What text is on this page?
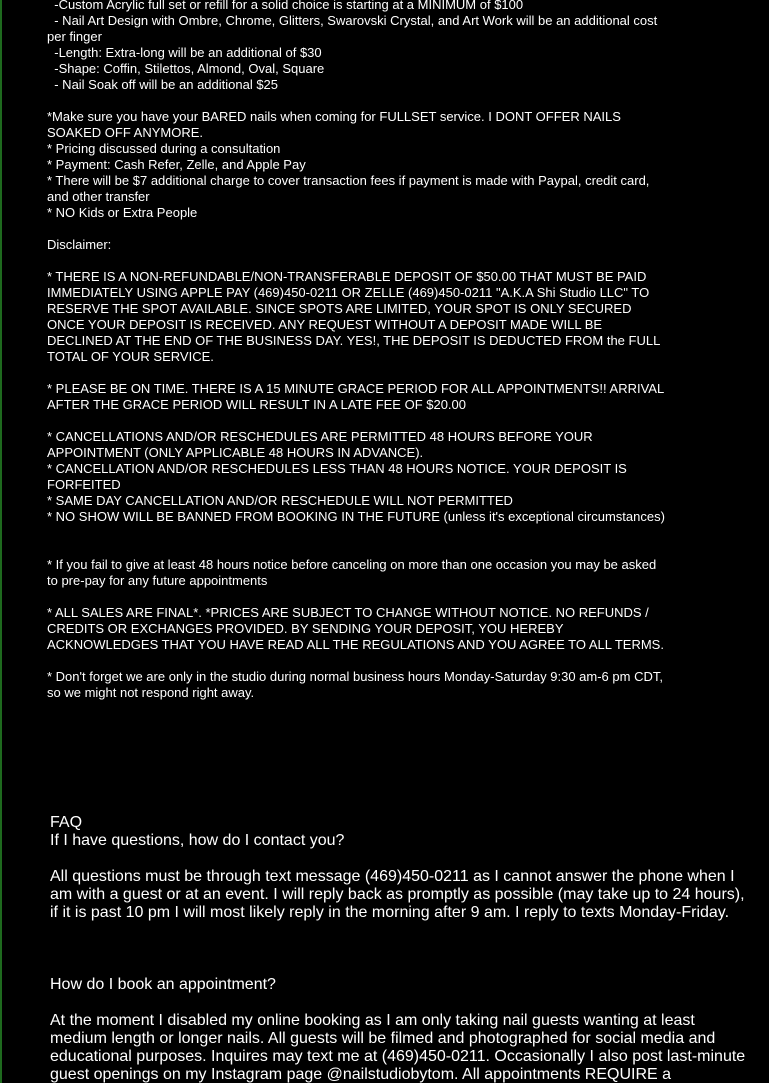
-Custom Acrylic full set or refill for a solid choice is starting at a MINIMUM of $100

- Nail Art Design with Ombre, Chrome, Glitters, Swarovski Crystal, and Art Work will be an additional cost per finger

-Length: Extra-long will be an additional of $30

-Shape: Coffin, Stilettos, Almond, Oval, Square

- Nail Soak off will be an additional $25

*Make sure you have your BARED nails when coming for FULLSET service. I DONT OFFER NAILS SOAKED OFF ANYMORE.

* Pricing discussed during a consultation

* Payment: Cash Refer, Zelle, and Apple Pay

* There will be $7 additional charge to cover transaction fees if payment is made with Paypal, credit card, and other transfer

* NO Kids or Extra People

Disclaimer:

* THERE IS A NON-REFUNDABLE/NON-TRANSFERABLE DEPOSIT OF $50.00 THAT MUST BE PAID IMMEDIATELY USING APPLE PAY (469)450-0211 OR ZELLE (469)450-0211 "A.K.A Shi Studio LLC" TO RESERVE THE SPOT AVAILABLE. SINCE SPOTS ARE LIMITED, YOUR SPOT IS ONLY SECURED ONCE YOUR DEPOSIT IS RECEIVED. ANY REQUEST WITHOUT A DEPOSIT MADE WILL BE DECLINED AT THE END OF THE BUSINESS DAY. YES!, THE DEPOSIT IS DEDUCTED FROM the FULL TOTAL OF YOUR SERVICE.

* PLEASE BE ON TIME. THERE IS A 15 MINUTE GRACE PERIOD FOR ALL APPOINTMENTS!! ARRIVAL AFTER THE GRACE PERIOD WILL RESULT IN A LATE FEE OF $20.00

* CANCELLATIONS AND/OR RESCHEDULES ARE PERMITTED 48 HOURS BEFORE YOUR APPOINTMENT (ONLY APPLICABLE 48 HOURS IN ADVANCE).

* CANCELLATION AND/OR RESCHEDULES LESS THAN 48 HOURS NOTICE. YOUR DEPOSIT IS FORFEITED

* SAME DAY CANCELLATION AND/OR RESCHEDULE WILL NOT PERMITTED

* NO SHOW WILL BE BANNED FROM BOOKING IN THE FUTURE (unless it's exceptional circumstances)

* If you fail to give at least 48 hours notice before canceling on more than one occasion you may be asked to pre-pay for any future appointments

* ALL SALES ARE FINAL*. *PRICES ARE SUBJECT TO CHANGE WITHOUT NOTICE. NO REFUNDS / CREDITS OR EXCHANGES PROVIDED. BY SENDING YOUR DEPOSIT, YOU HEREBY ACKNOWLEDGES THAT YOU HAVE READ ALL THE REGULATIONS AND YOU AGREE TO ALL TERMS.

* Don't forget we are only in the studio during normal business hours Monday-Saturday 9:30 am-6 pm CDT, so we might not respond right away.

FAQ

If I have questions, how do I contact you?

All questions must be through text message (469)450-0211 as I cannot answer the phone when I am with a guest or at an event. I will reply back as promptly as possible (may take up to 24 hours), if it is past 10 pm I will most likely reply in the morning after 9 am. I reply to texts Monday-Friday.

How do I book an appointment?

At the moment I disabled my online booking as I am only taking nail guests wanting at least medium length or longer nails. All guests will be filmed and photographed for social media and educational purposes. Inquires may text me at (469)450-0211. Occasionally I also post last-minute guest openings on my Instagram page @nailstudiobytom. All appointments REQUIRE a
